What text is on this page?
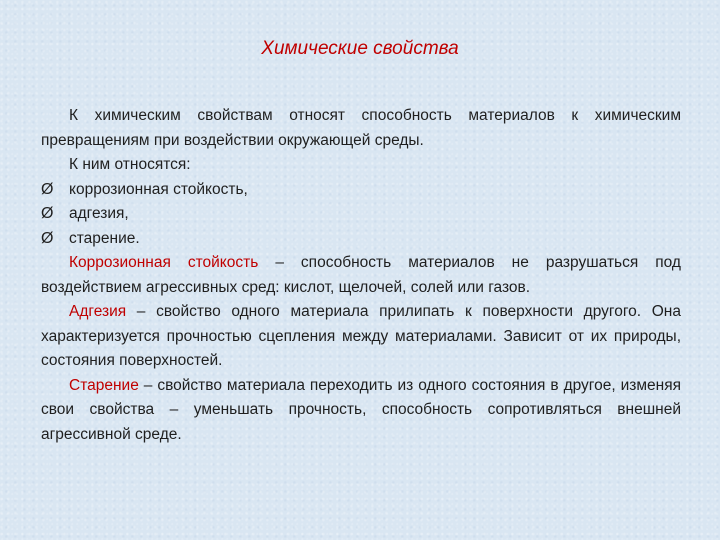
Химические свойства

К химическим свойствам относят способность материалов к химическим превращениям при воздействии окружающей среды.

К ним относятся:

Ø	коррозионная стойкость,
Ø	адгезия,
Ø	старение.

Коррозионная стойкость – способность материалов не разрушаться под воздействием агрессивных сред: кислот, щелочей, солей или газов.

Адгезия – свойство одного материала прилипать к поверхности другого. Она характеризуется прочностью сцепления между материалами. Зависит от их природы, состояния поверхностей.

Старение – свойство материала переходить из одного состояния в другое, изменяя свои свойства – уменьшать прочность, способность сопротивляться внешней агрессивной среде.
